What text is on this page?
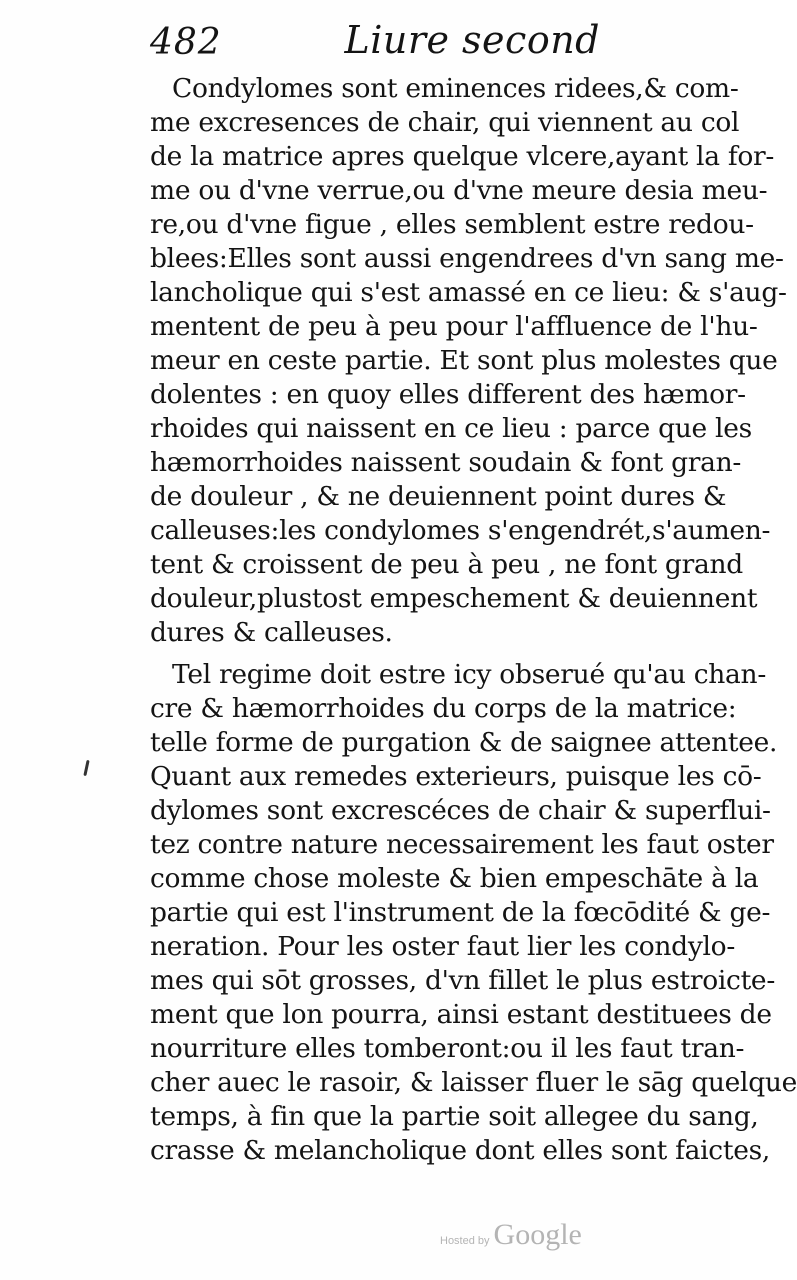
482	Liure second
Condylomes sont eminences ridees,& com-
me excresences de chair, qui viennent au col
de la matrice apres quelque vlcere,ayant la for-
me ou d'vne verrue,ou d'vne meure desia meu-
re,ou d'vne figue , elles semblent estre redou-
blees:Elles sont aussi engendrees d'vn sang me-
lancholique qui s'est amassé en ce lieu: & s'aug-
mentent de peu à peu pour l'affluence de l'hu-
meur en ceste partie. Et sont plus molestes que
dolentes : en quoy elles different des hæmor-
rhoides qui naissent en ce lieu : parce que les
hæmorrhoides naissent soudain & font gran-
de douleur , & ne deuiennent point dures &
calleuses:les condylomes s'engendrét,s'aumen-
tent & croissent de peu à peu , ne font grand
douleur,plustost empeschement & deuiennent
dures & calleuses.
Tel regime doit estre icy obserué qu'au chan-
cre & hæmorrhoides du corps de la matrice:
telle forme de purgation & de saignee attentee.
Quant aux remedes exterieurs, puisque les cō-
dylomes sont excrescéces de chair & superflui-
tez contre nature necessairement les faut oster
comme chose moleste & bien empeschāte à la
partie qui est l'instrument de la fœcōdité & ge-
neration. Pour les oster faut lier les condylo-
mes qui sōt grosses, d'vn fillet le plus estroictе-
ment que lon pourra, ainsi estant destituees de
nourriture elles tomberont:ou il les faut tran-
cher auec le rasoir, & laisser fluer le sāg quelque
temps, à fin que la partie soit allegee du sang,
crasse & melancholique dont elles sont faictes,
Hosted by Google
